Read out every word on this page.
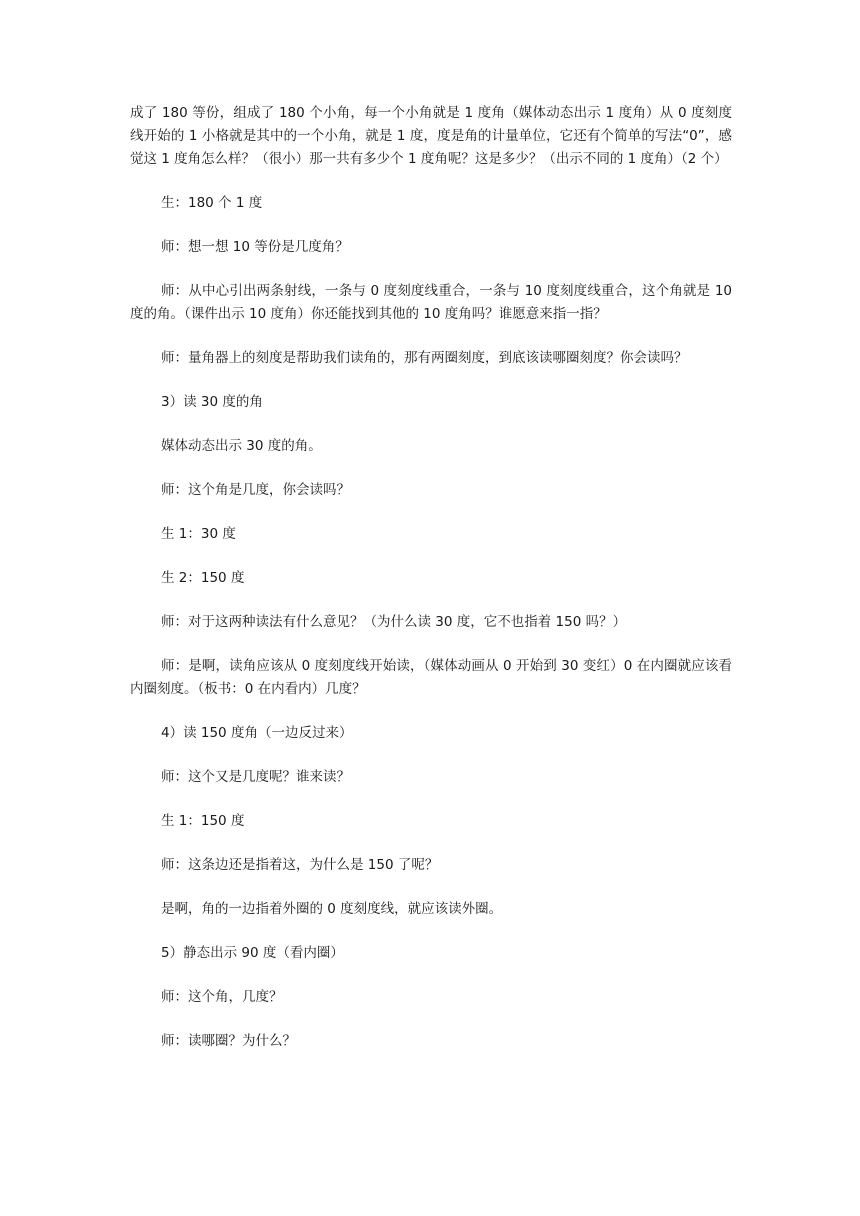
成了 180 等份，组成了 180 个小角，每一个小角就是 1 度角（媒体动态出示 1 度角）从 0 度刻度线开始的 1 小格就是其中的一个小角，就是 1 度，度是角的计量单位，它还有个简单的写法“0”，感觉这 1 度角怎么样？（很小）那一共有多少个 1 度角呢？这是多少？（出示不同的 1 度角）（2 个）

生：180 个 1 度

师：想一想 10 等份是几度角？

师：从中心引出两条射线，一条与 0 度刻度线重合，一条与 10 度刻度线重合，这个角就是 10 度的角。（课件出示 10 度角）你还能找到其他的 10 度角吗？谁愿意来指一指？

师：量角器上的刻度是帮助我们读角的，那有两圈刻度，到底该读哪圈刻度？你会读吗？

3）读 30 度的角

媒体动态出示 30 度的角。

师：这个角是几度，你会读吗？

生 1：30 度

生 2：150 度

师：对于这两种读法有什么意见？（为什么读 30 度，它不也指着 150 吗？）

师：是啊，读角应该从 0 度刻度线开始读，（媒体动画从 0 开始到 30 变红）0 在内圈就应该看内圈刻度。（板书：0 在内看内）几度？

4）读 150 度角（一边反过来）

师：这个又是几度呢？谁来读？

生 1：150 度

师：这条边还是指着这，为什么是 150 了呢？

是啊，角的一边指着外圈的 0 度刻度线，就应该读外圈。

5）静态出示 90 度（看内圈）

师：这个角，几度？

师：读哪圈？为什么？
